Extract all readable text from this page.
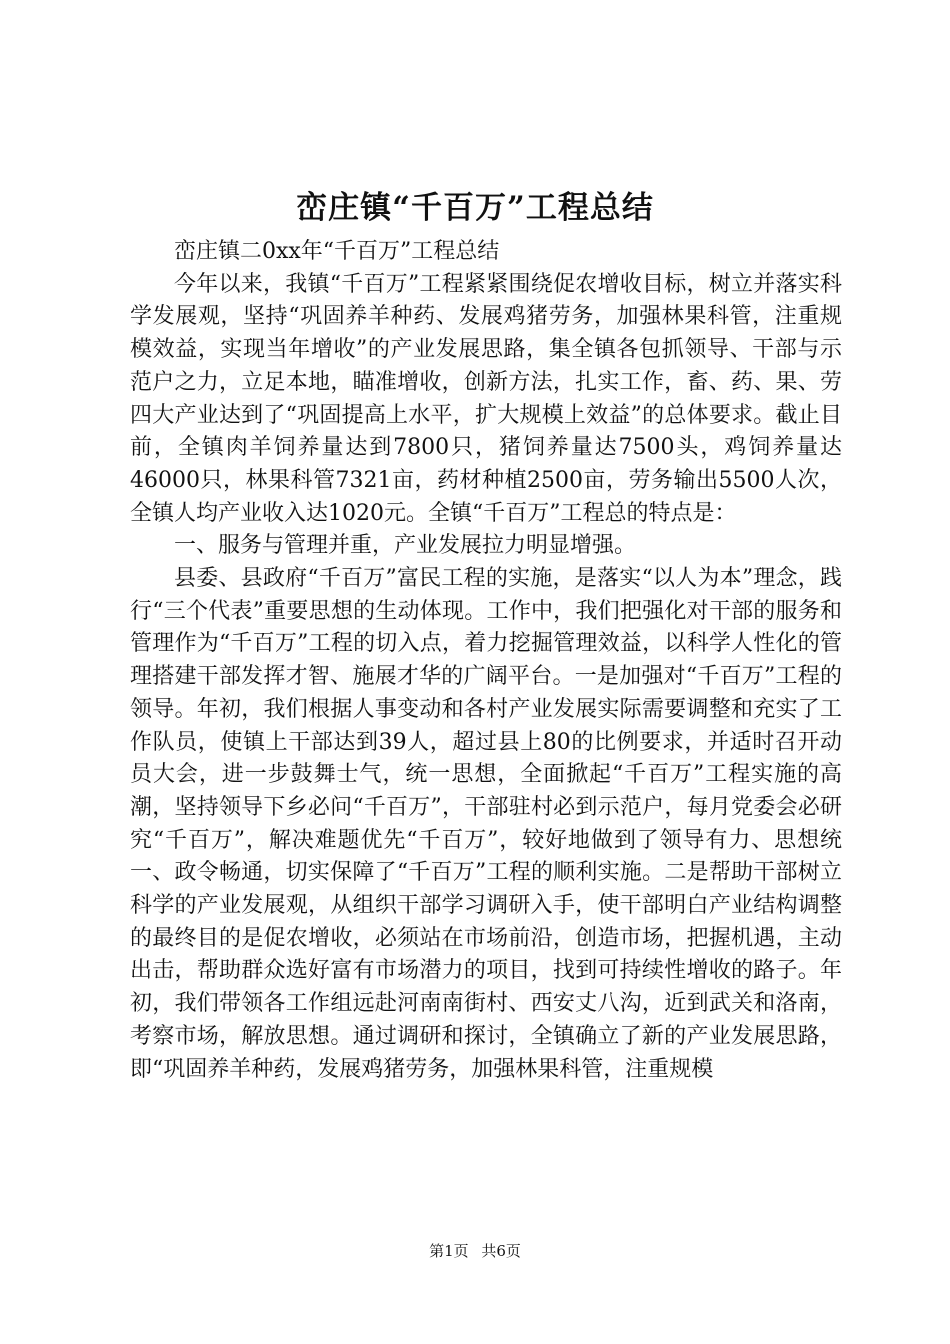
峦庄镇“千百万”工程总结

峦庄镇二0xx年“千百万”工程总结

今年以来，我镇“千百万”工程紧紧围绕促农增收目标，树立并落实科学发展观，坚持“巩固养羊种药、发展鸡猪劳务，加强林果科管，注重规模效益，实现当年增收”的产业发展思路，集全镇各包抓领导、干部与示范户之力，立足本地，瞄准增收，创新方法，扎实工作，畜、药、果、劳四大产业达到了“巩固提高上水平，扩大规模上效益”的总体要求。截止目前，全镇肉羊饲养量达到7800只，猪饲养量达7500头，鸡饲养量达46000只，林果科管7321亩，药材种植2500亩，劳务输出5500人次，全镇人均产业收入达1020元。全镇“千百万”工程总的特点是：

一、服务与管理并重，产业发展拉力明显增强。

县委、县政府“千百万”富民工程的实施，是落实“以人为本”理念，践行“三个代表”重要思想的生动体现。工作中，我们把强化对干部的服务和管理作为“千百万”工程的切入点，着力挖掘管理效益，以科学人性化的管理搭建干部发挥才智、施展才华的广阔平台。一是加强对“千百万”工程的领导。年初，我们根据人事变动和各村产业发展实际需要调整和充实了工作队员，使镇上干部达到39人，超过县上80的比例要求，并适时召开动员大会，进一步鼓舞士气，统一思想，全面掀起“千百万”工程实施的高潮，坚持领导下乡必问“千百万”，干部驻村必到示范户，每月党委会必研究“千百万”，解决难题优先“千百万”，较好地做到了领导有力、思想统一、政令畅通，切实保障了“千百万”工程的顺利实施。二是帮助干部树立科学的产业发展观，从组织干部学习调研入手，使干部明白产业结构调整的最终目的是促农增收，必须站在市场前沿，创造市场，把握机遇，主动出击，帮助群众选好富有市场潜力的项目，找到可持续性增收的路子。年初，我们带领各工作组远赴河南南街村、西安丈八沟，近到武关和洛南，考察市场，解放思想。通过调研和探讨，全镇确立了新的产业发展思路，即“巩固养羊种药，发展鸡猪劳务，加强林果科管，注重规模

第1页 共6页
